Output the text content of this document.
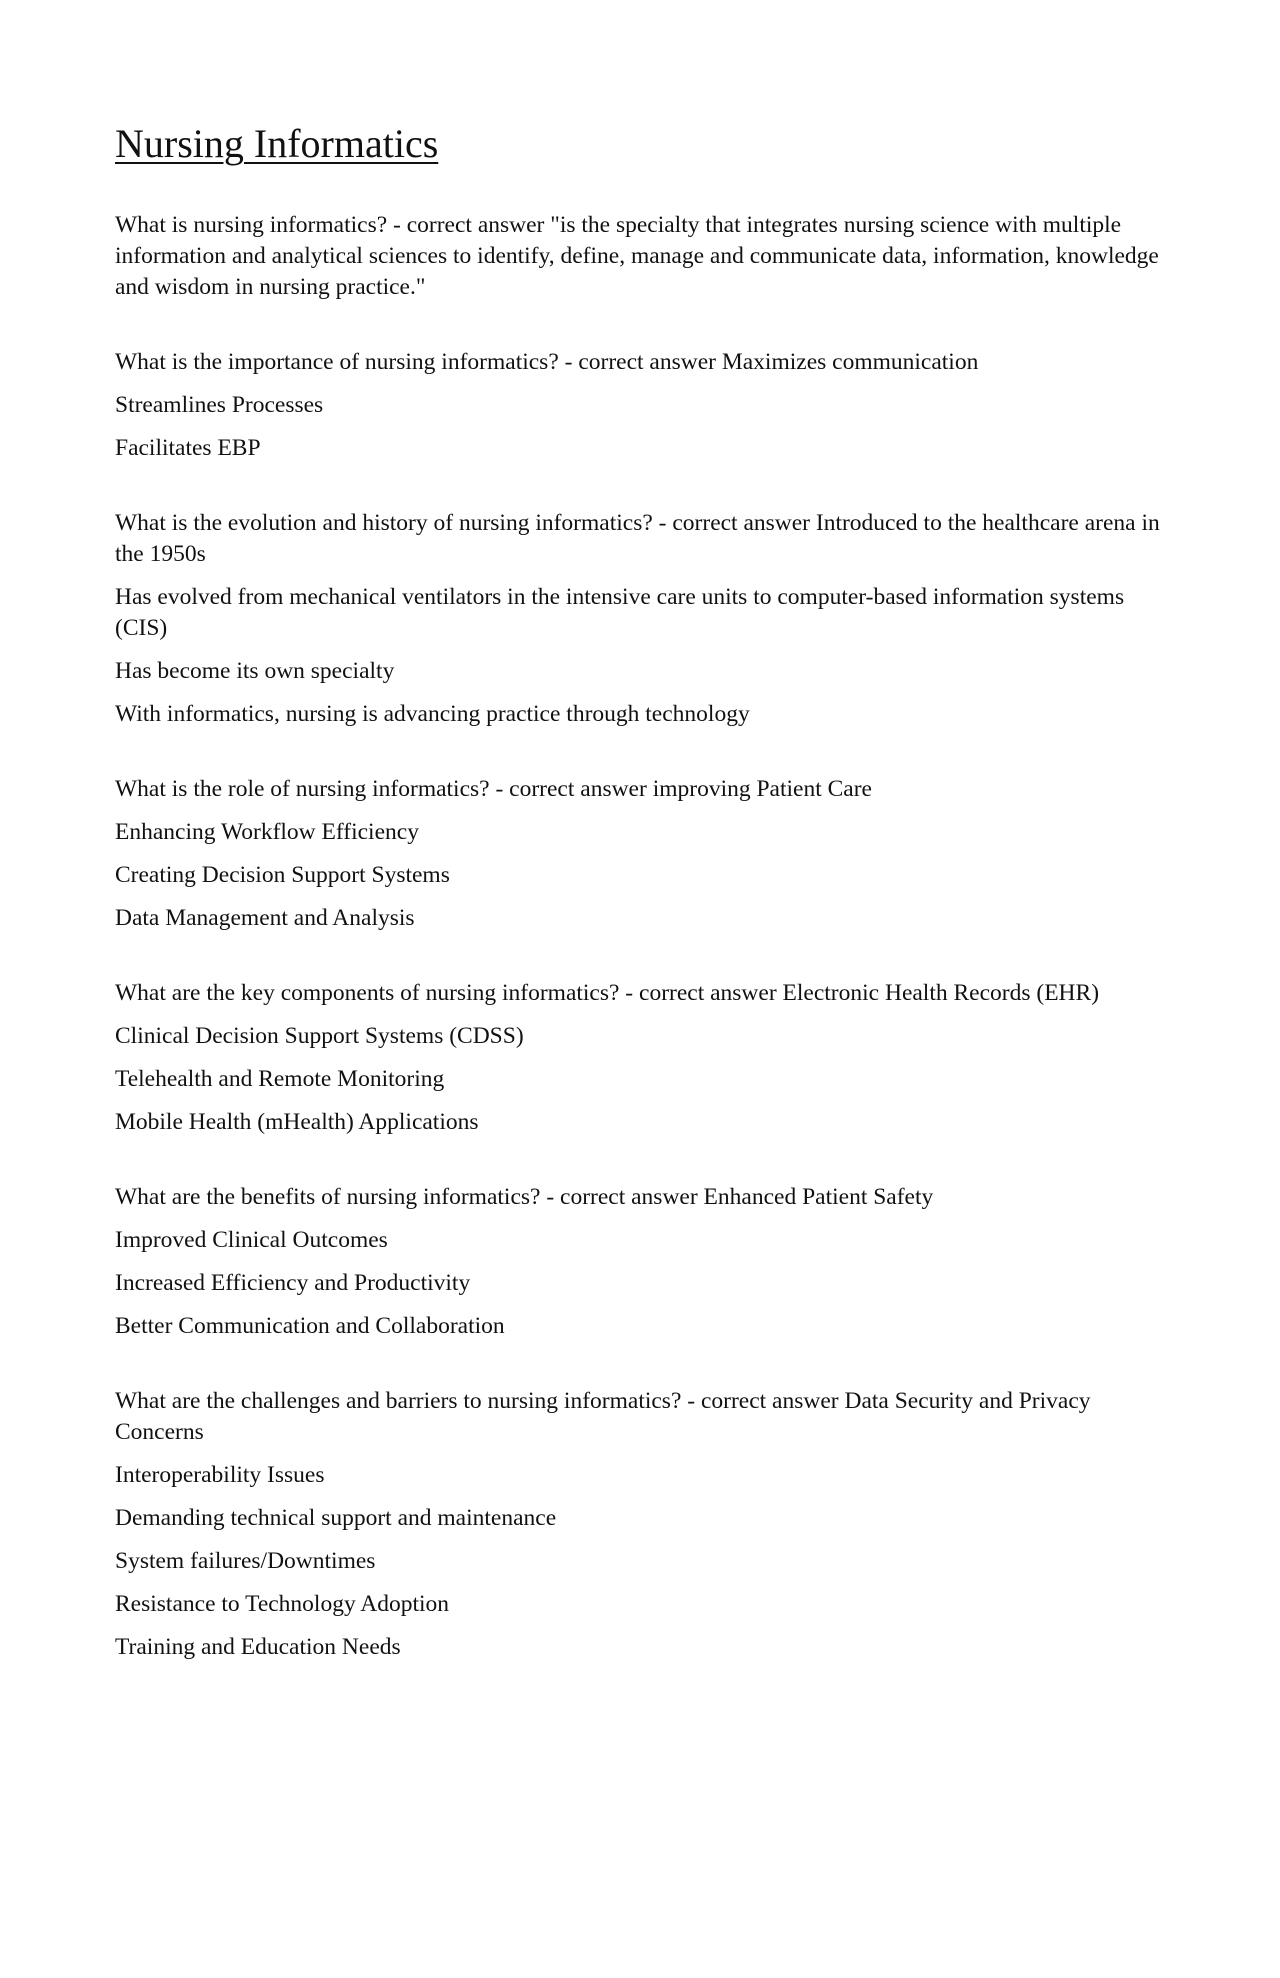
Nursing Informatics

What is nursing informatics? - correct answer "is the specialty that integrates nursing science with multiple information and analytical sciences to identify, define, manage and communicate data, information, knowledge and wisdom in nursing practice."

What is the importance of nursing informatics? - correct answer Maximizes communication

Streamlines Processes

Facilitates EBP

What is the evolution and history of nursing informatics? - correct answer Introduced to the healthcare arena in the 1950s

Has evolved from mechanical ventilators in the intensive care units to computer-based information systems (CIS)

Has become its own specialty

With informatics, nursing is advancing practice through technology

What is the role of nursing informatics? - correct answer improving Patient Care

Enhancing Workflow Efficiency

Creating Decision Support Systems

Data Management and Analysis

What are the key components of nursing informatics? - correct answer Electronic Health Records (EHR)

Clinical Decision Support Systems (CDSS)

Telehealth and Remote Monitoring

Mobile Health (mHealth) Applications

What are the benefits of nursing informatics? - correct answer Enhanced Patient Safety

Improved Clinical Outcomes

Increased Efficiency and Productivity

Better Communication and Collaboration

What are the challenges and barriers to nursing informatics? - correct answer Data Security and Privacy Concerns

Interoperability Issues

Demanding technical support and maintenance

System failures/Downtimes

Resistance to Technology Adoption

Training and Education Needs
